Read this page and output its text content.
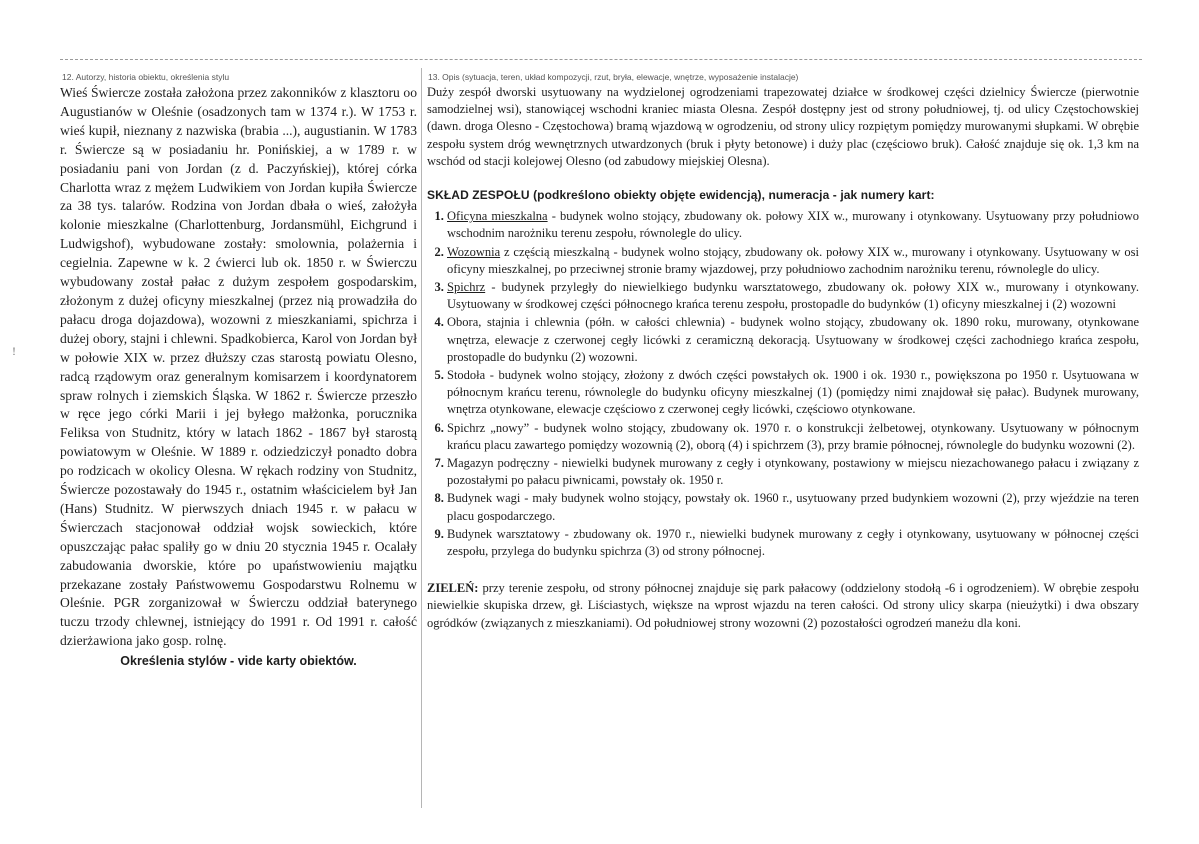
!
12. Autorzy, historia obiektu, określenia stylu	13. Opis (sytuacja, teren, układ kompozycji, rzut, bryła, elewacje, wnętrze, wyposażenie instalacje)

Wieś Świercze została założona przez zakonników z klasztoru oo Augustianów w Oleśnie (osadzonych tam w 1374 r.). W 1753 r. wieś kupił, nieznany z nazwiska (brabia ...), augustianin. W 1783 r. Świercze są w posiadaniu hr. Ponińskiej, a w 1789 r. w posiadaniu pani von Jordan (z d. Paczyńskiej), której córka Charlotta wraz z mężem Ludwikiem von Jordan kupiła Świercze za 38 tys. talarów. Rodzina von Jordan dbała o wieś, założyła kolonie mieszkalne (Charlottenburg, Jordansmühl, Eichgrund i Ludwigshof), wybudowane zostały: smolownia, polażernia i cegielnia. Zapewne w k. 2 ćwierci lub ok. 1850 r. w Świerczu wybudowany został pałac z dużym zespołem gospodarskim, złożonym z dużej oficyny mieszkalnej (przez nią prowadziła do pałacu droga dojazdowa), wozowni z mieszkaniami, spichrza i dużej obory, stajni i chlewni. Spadkobierca, Karol von Jordan był w połowie XIX w. przez dłuższy czas starostą powiatu Olesno, radcą rządowym oraz generalnym komisarzem i koordynatorem spraw rolnych i ziemskich Śląska. W 1862 r. Świercze przeszło w ręce jego córki Marii i jej byłego małżonka, porucznika Feliksa von Studnitz, który w latach 1862 - 1867 był starostą powiatowym w Oleśnie. W 1889 r. odziedziczył ponadto dobra po rodzicach w okolicy Olesna. W rękach rodziny von Studnitz, Świercze pozostawały do 1945 r., ostatnim właścicielem był Jan (Hans) Studnitz. W pierwszych dniach 1945 r. w pałacu w Świerczach stacjonował oddział wojsk sowieckich, które opuszczając pałac spaliły go w dniu 20 stycznia 1945 r. Ocalały zabudowania dworskie, które po upaństwowieniu majątku przekazane zostały Państwowemu Gospodarstwu Rolnemu w Oleśnie. PGR zorganizował w Świerczu oddział baterynego tuczu trzody chlewnej, istniejący do 1991 r. Od 1991 r. całość dzierżawiona jako gosp. rolnę.

Określenia stylów - vide karty obiektów.

Duży zespół dworski usytuowany na wydzielonej ogrodzeniami trapezowatej działce w środkowej części dzielnicy Świercze (pierwotnie samodzielnej wsi), stanowiącej wschodni kraniec miasta Olesna. Zespół dostępny jest od strony południowej, tj. od ulicy Częstochowskiej (dawn. droga Olesno - Częstochowa) bramą wjazdową w ogrodzeniu, od strony ulicy rozpiętym pomiędzy murowanymi słupkami. W obrębie zespołu system dróg wewnętrznych utwardzonych (bruk i płyty betonowe) i duży plac (częściowo bruk). Całość znajduje się ok. 1,3 km na wschód od stacji kolejowej Olesno (od zabudowy miejskiej Olesna).

SKŁAD ZESPOŁU (podkreślono obiekty objęte ewidencją), numeracja - jak numery kart:
1. Oficyna mieszkalna - budynek wolno stojący, zbudowany ok. połowy XIX w., murowany i otynkowany. Usytuowany przy południowo wschodnim narożniku terenu zespołu, równolegle do ulicy.
2. Wozownia z częścią mieszkalną - budynek wolno stojący, zbudowany ok. połowy XIX w., murowany i otynkowany. Usytuowany w osi oficyny mieszkalnej, po przeciwnej stronie bramy wjazdowej, przy południowo zachodnim narożniku terenu, równolegle do ulicy.
3. Spichrz - budynek przyległy do niewielkiego budynku warsztatowego, zbudowany ok. połowy XIX w., murowany i otynkowany. Usytuowany w środkowej części północnego krańca terenu zespołu, prostopadle do budynków (1) oficyny mieszkalnej i (2) wozowni
4. Obora, stajnia i chlewnia (półn. w całości chlewnia) - budynek wolno stojący, zbudowany ok. 1890 roku, murowany, otynkowane wnętrza, elewacje z czerwonej cegły licówki z ceramiczną dekoracją. Usytuowany w środkowej części zachodniego krańca zespołu, prostopadle do budynku (2) wozowni.
5. Stodoła - budynek wolno stojący, złożony z dwóch części powstałych ok. 1900 i ok. 1930 r., powiększona po 1950 r. Usytuowana w północnym krańcu terenu, równolegle do budynku oficyny mieszkalnej (1) (pomiędzy nimi znajdował się pałac). Budynek murowany, wnętrza otynkowane, elewacje częściowo z czerwonej cegły licówki, częściowo otynkowane.
6. Spichrz „nowy” - budynek wolno stojący, zbudowany ok. 1970 r. o konstrukcji żelbetowej, otynkowany. Usytuowany w północnym krańcu placu zawartego pomiędzy wozownią (2), oborą (4) i spichrzem (3), przy bramie północnej, równolegle do budynku wozowni (2).
7. Magazyn podręczny - niewielki budynek murowany z cegły i otynkowany, postawiony w miejscu niezachowanego pałacu i związany z pozostałymi po pałacu piwnicami, powstały ok. 1950 r.
8. Budynek wagi - mały budynek wolno stojący, powstały ok. 1960 r., usytuowany przed budynkiem wozowni (2), przy wjeździe na teren placu gospodarczego.
9. Budynek warsztatowy - zbudowany ok. 1970 r., niewielki budynek murowany z cegły i otynkowany, usytuowany w północnej części zespołu, przylega do budynku spichrza (3) od strony północnej.

ZIELEŃ: przy terenie zespołu, od strony północnej znajduje się park pałacowy (oddzielony stodołą -6 i ogrodzeniem). W obrębie zespołu niewielkie skupiska drzew, gł. Liściastych, większe na wprost wjazdu na teren całości. Od strony ulicy skarpa (nieużytki) i dwa obszary ogródków (związanych z mieszkaniami). Od południowej strony wozowni (2) pozostałości ogrodzeń maneżu dla koni.
